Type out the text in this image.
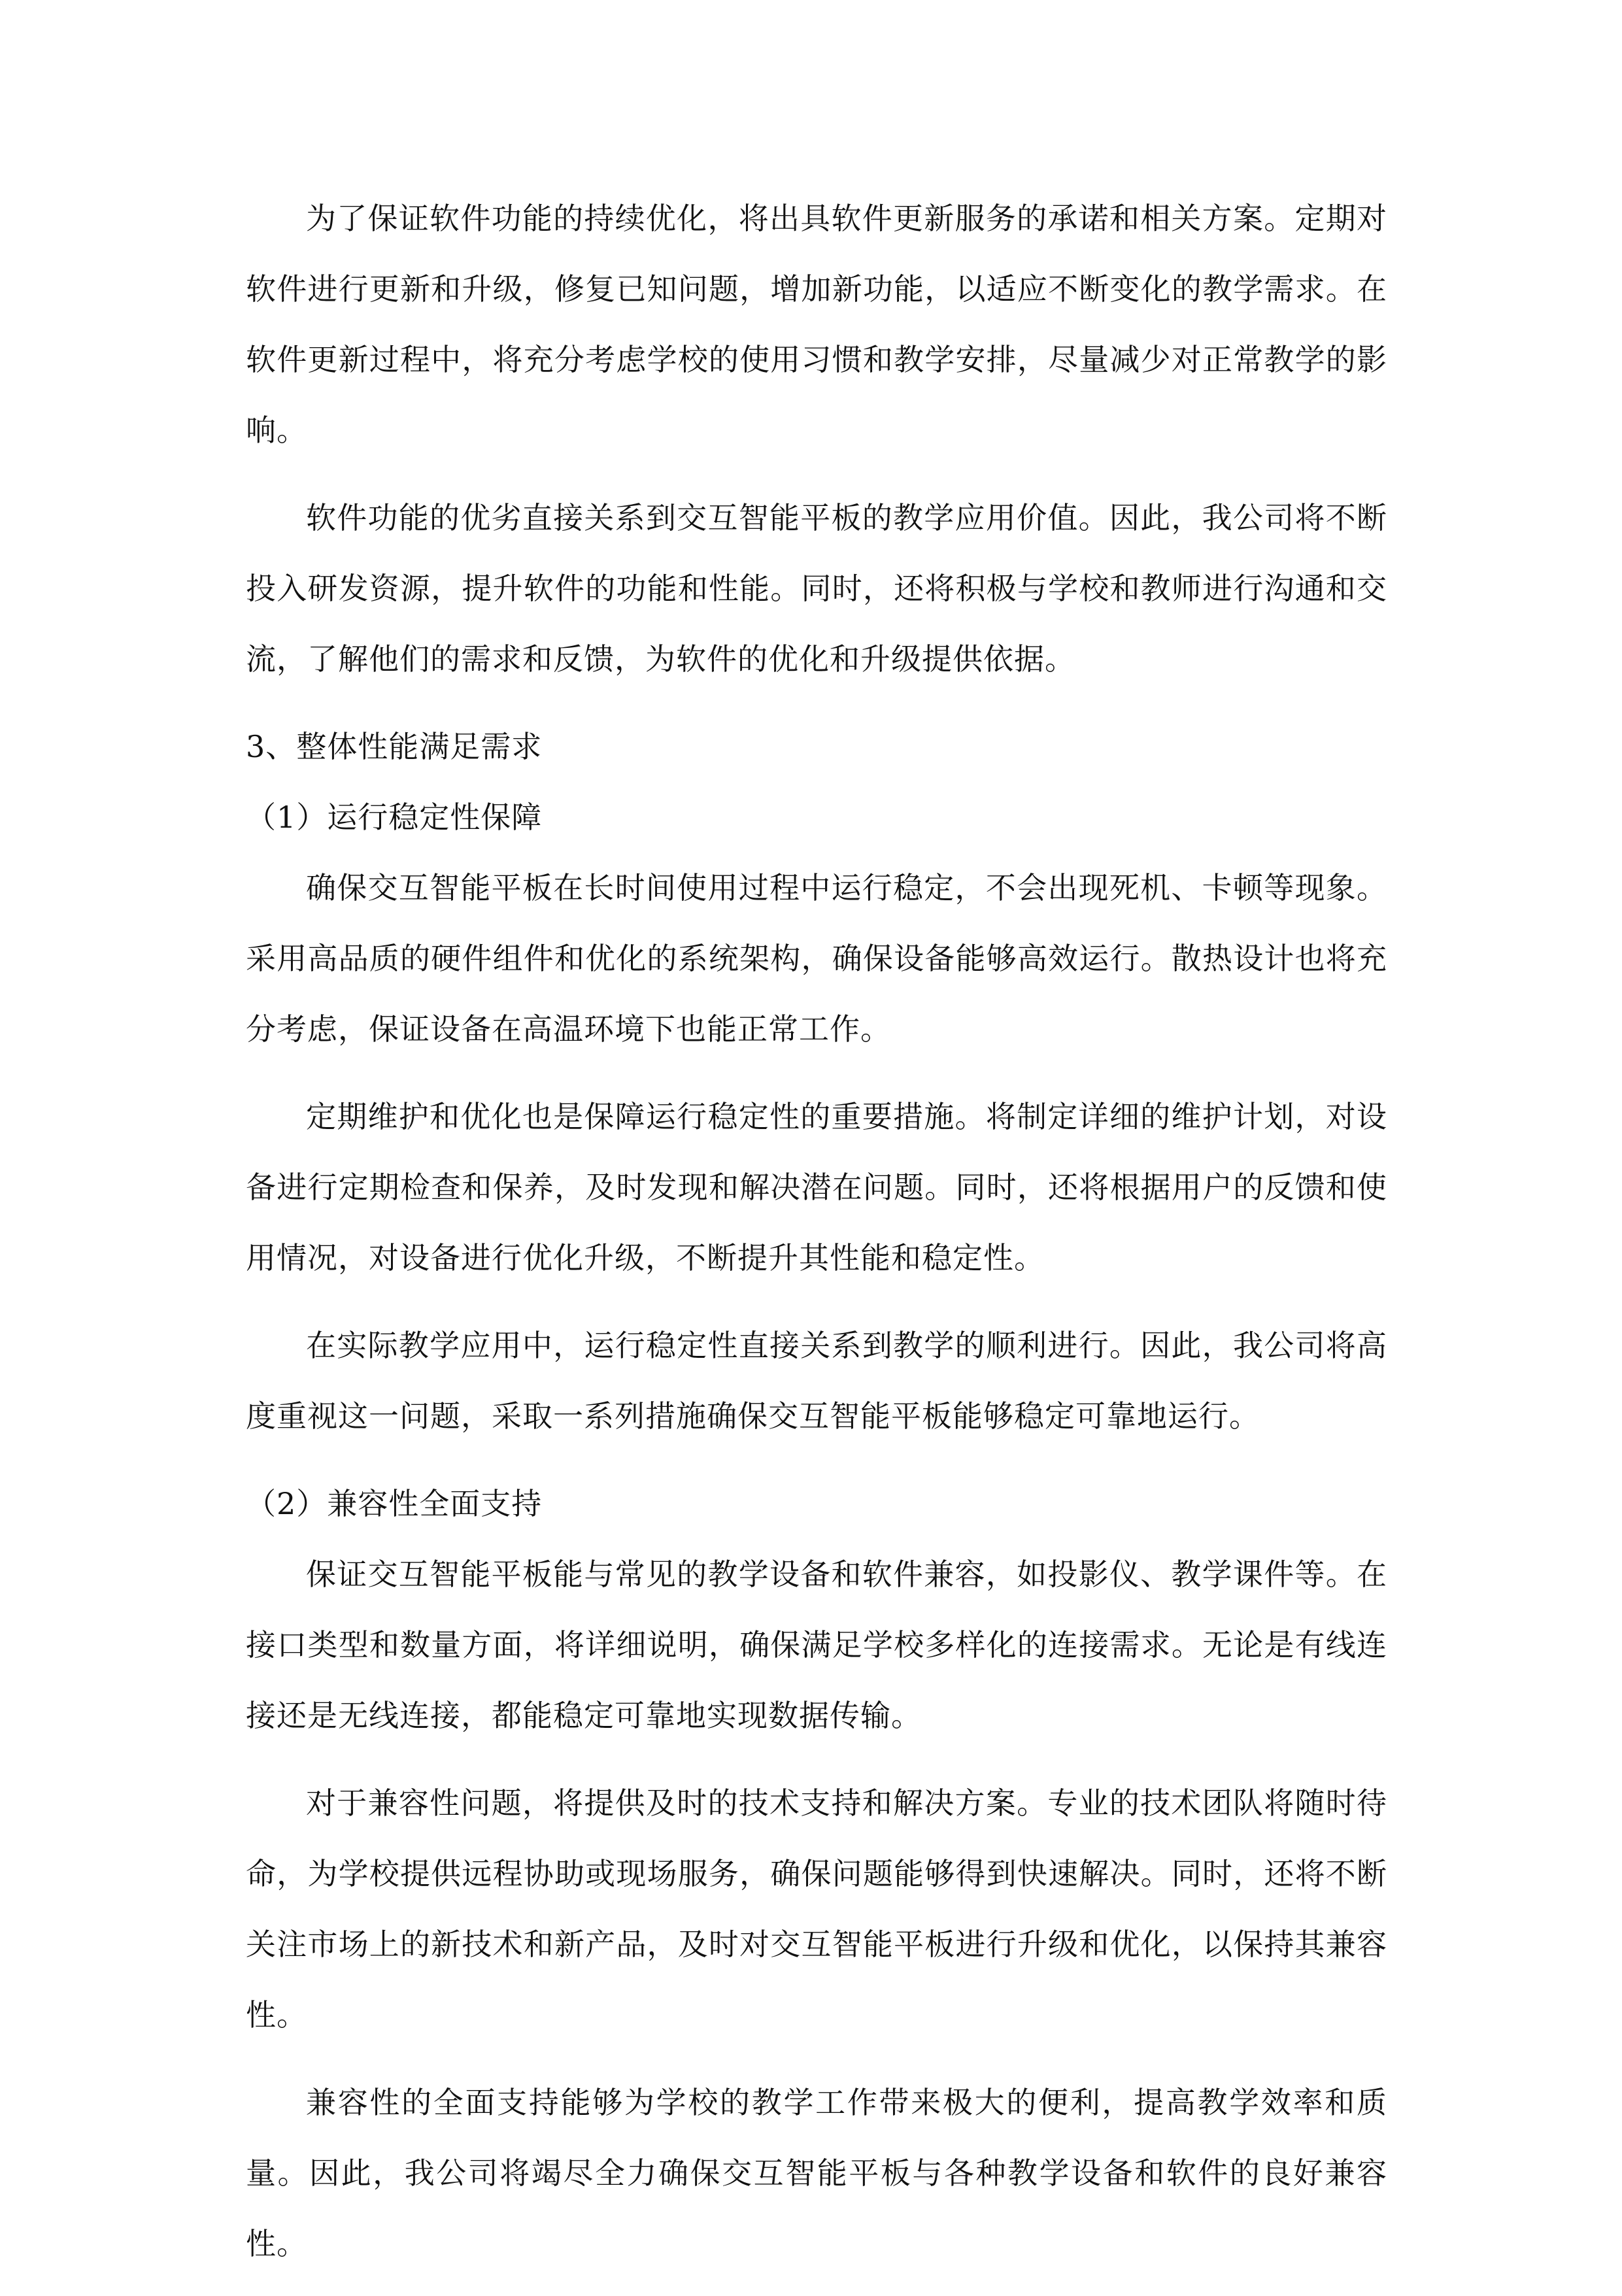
为了保证软件功能的持续优化，将出具软件更新服务的承诺和相关方案。定期对软件进行更新和升级，修复已知问题，增加新功能，以适应不断变化的教学需求。在软件更新过程中，将充分考虑学校的使用习惯和教学安排，尽量减少对正常教学的影响。

软件功能的优劣直接关系到交互智能平板的教学应用价值。因此，我公司将不断投入研发资源，提升软件的功能和性能。同时，还将积极与学校和教师进行沟通和交流，了解他们的需求和反馈，为软件的优化和升级提供依据。

3、整体性能满足需求

（1）运行稳定性保障

确保交互智能平板在长时间使用过程中运行稳定，不会出现死机、卡顿等现象。采用高品质的硬件组件和优化的系统架构，确保设备能够高效运行。散热设计也将充分考虑，保证设备在高温环境下也能正常工作。

定期维护和优化也是保障运行稳定性的重要措施。将制定详细的维护计划，对设备进行定期检查和保养，及时发现和解决潜在问题。同时，还将根据用户的反馈和使用情况，对设备进行优化升级，不断提升其性能和稳定性。

在实际教学应用中，运行稳定性直接关系到教学的顺利进行。因此，我公司将高度重视这一问题，采取一系列措施确保交互智能平板能够稳定可靠地运行。

（2）兼容性全面支持

保证交互智能平板能与常见的教学设备和软件兼容，如投影仪、教学课件等。在接口类型和数量方面，将详细说明，确保满足学校多样化的连接需求。无论是有线连接还是无线连接，都能稳定可靠地实现数据传输。

对于兼容性问题，将提供及时的技术支持和解决方案。专业的技术团队将随时待命，为学校提供远程协助或现场服务，确保问题能够得到快速解决。同时，还将不断关注市场上的新技术和新产品，及时对交互智能平板进行升级和优化，以保持其兼容性。

兼容性的全面支持能够为学校的教学工作带来极大的便利，提高教学效率和质量。因此，我公司将竭尽全力确保交互智能平板与各种教学设备和软件的良好兼容性。
